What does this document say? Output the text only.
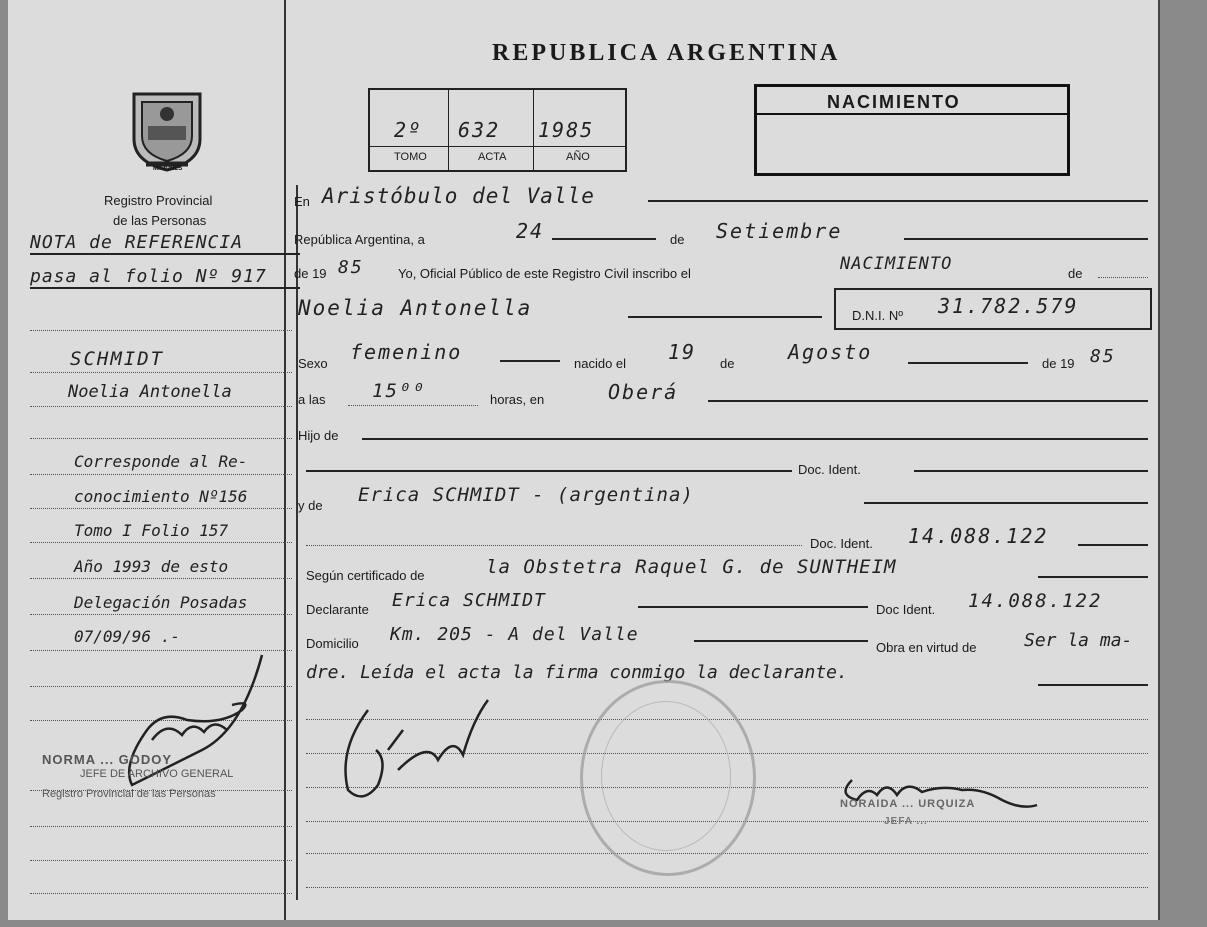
MISIONES
Registro Provincial
de las Personas
NOTA de REFERENCIA
pasa al folio Nº 917
SCHMIDT
Noelia Antonella
Corresponde al Re-
conocimiento Nº156
Tomo I Folio 157
Año 1993 de esto
Delegación Posadas
07/09/96 .-
NORMA ... GODOY
JEFE DE ARCHIVO GENERAL
Registro Provincial de las Personas
REPUBLICA ARGENTINA
2º 632 1985
TOMO	ACTA	AÑO
NACIMIENTO
En Aristóbulo del Valle
República Argentina, a	24	de Setiembre
de 19 85	Yo, Oficial Público de este Registro Civil inscribo el	NACIMIENTO	de
Noelia Antonella	D.N.I. Nº 31.782.579
Sexo femenino	nacido el 19 de	Agosto	de 19 85
a las 15⁰⁰	horas, en	Oberá
Hijo de
Doc. Ident.
y de Erica SCHMIDT - (argentina)
Doc. Ident. 14.088.122
Según certificado de	la Obstetra Raquel G. de SUNTHEIM
Declarante Erica SCHMIDT	Doc Ident. 14.088.122
Domicilio Km. 205 - A del Valle
Obra en virtud de	Ser la ma-
dre. Leída el acta la firma conmigo la declarante.
NORAIDA ... URQUIZA
JEFA ...
